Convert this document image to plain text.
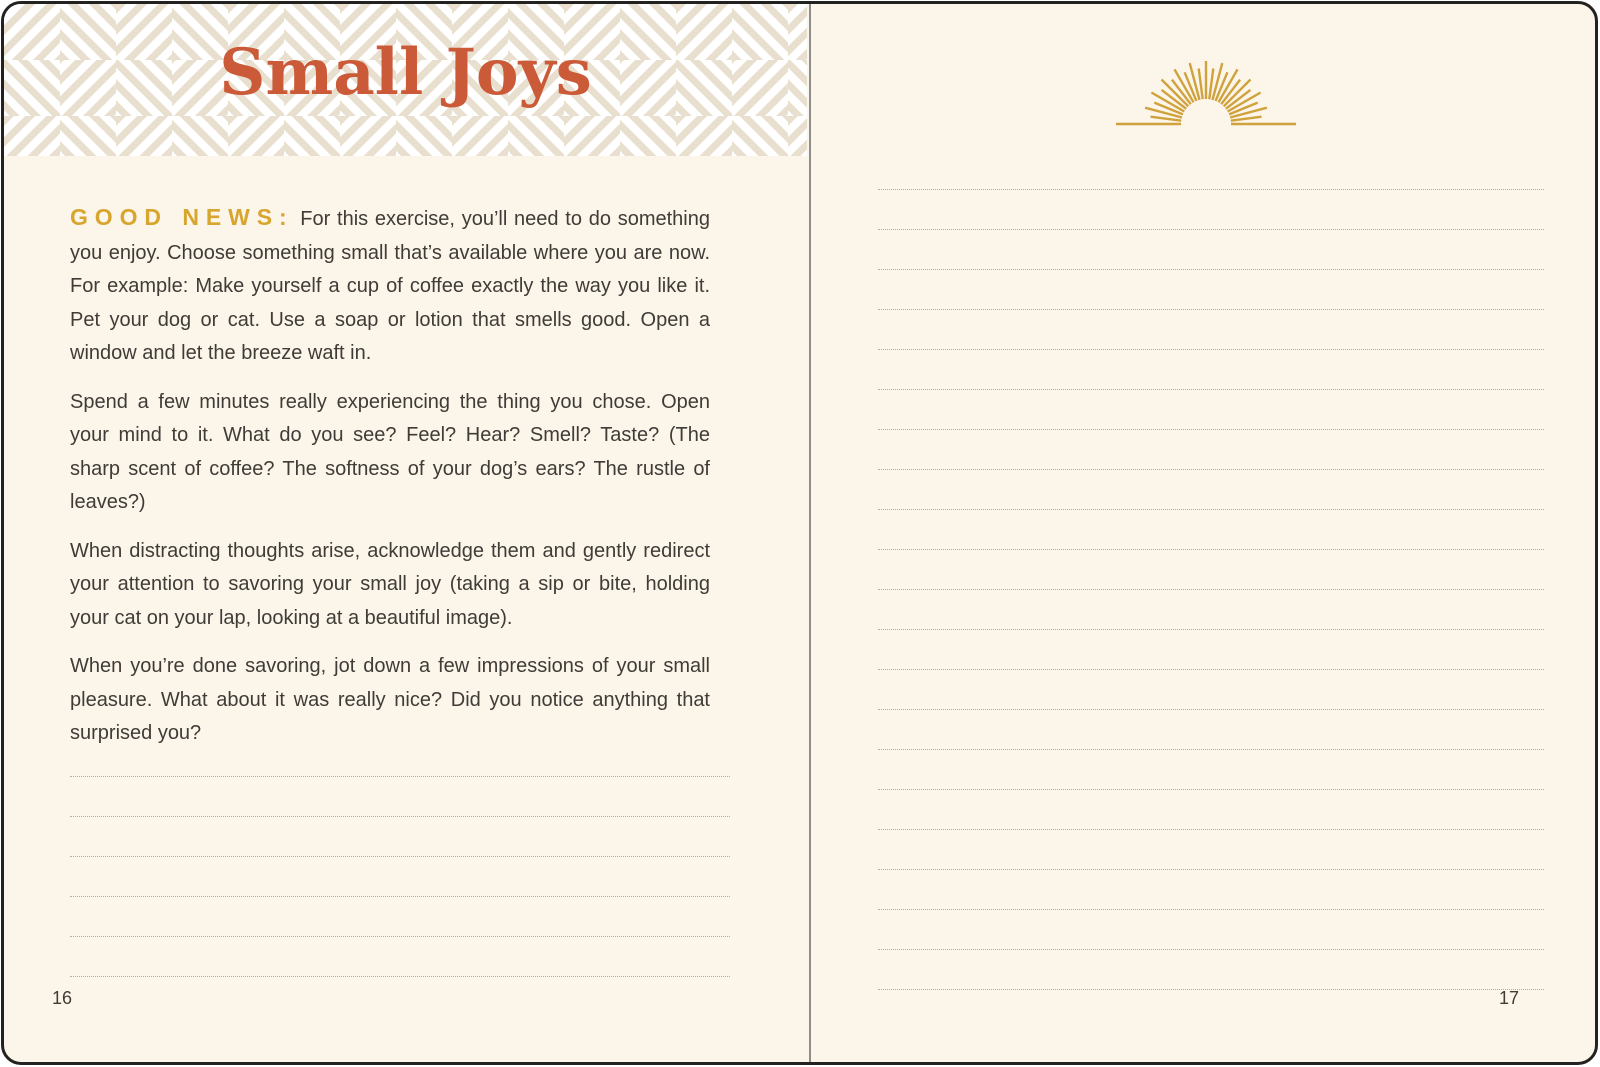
Small Joys

GOOD NEWS: For this exercise, you’ll need to do something you enjoy. Choose something small that’s available where you are now. For example: Make yourself a cup of coffee exactly the way you like it. Pet your dog or cat. Use a soap or lotion that smells good. Open a window and let the breeze waft in.

Spend a few minutes really experiencing the thing you chose. Open your mind to it. What do you see? Feel? Hear? Smell? Taste? (The sharp scent of coffee? The softness of your dog’s ears? The rustle of leaves?)

When distracting thoughts arise, acknowledge them and gently redirect your attention to savoring your small joy (taking a sip or bite, holding your cat on your lap, looking at a beautiful image).

When you’re done savoring, jot down a few impressions of your small pleasure. What about it was really nice? Did you notice anything that surprised you?

16	17
